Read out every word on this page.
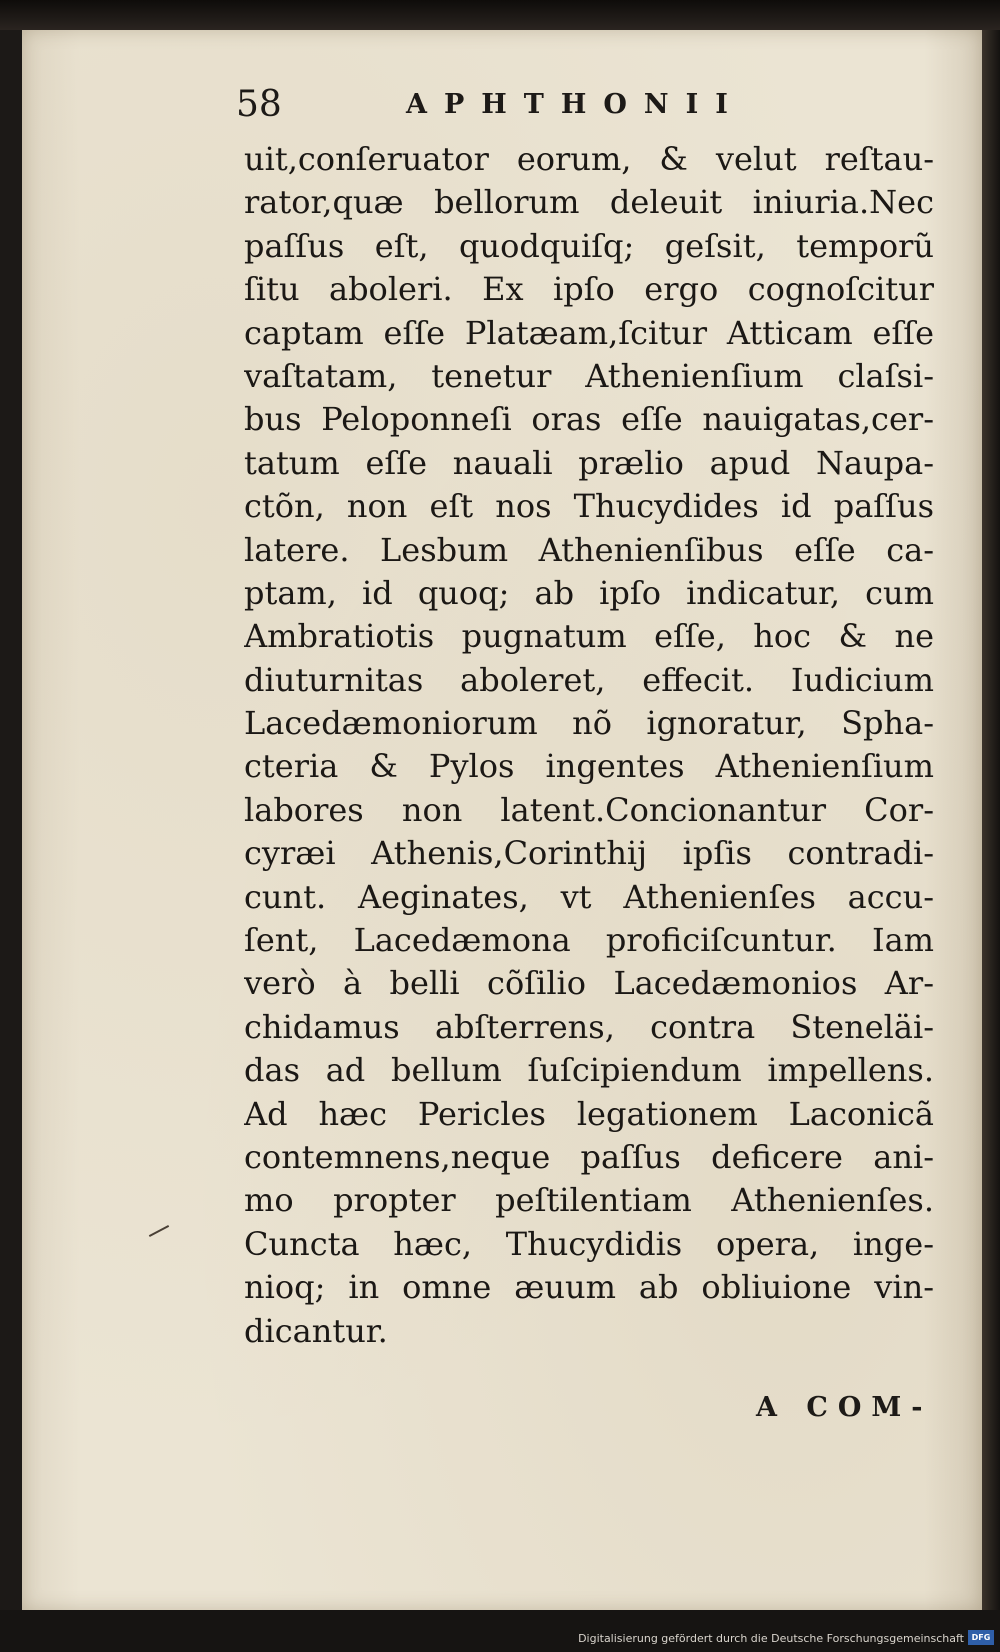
58	APHTHONII
uit,conſeruator eorum, & velut reſtau-
rator,quæ bellorum deleuit iniuria.Nec
paſſus eſt, quodquiſq; geſsit, temporũ
ſitu aboleri. Ex ipſo ergo cognoſcitur
captam eſſe Platæam,ſcitur Atticam eſſe
vaſtatam, tenetur Athenienſium claſsi-
bus Peloponneſi oras eſſe nauigatas,cer-
tatum eſſe nauali prælio apud Naupa-
ctõn, non eſt nos Thucydides id paſſus
latere. Lesbum Athenienſibus eſſe ca-
ptam, id quoq; ab ipſo indicatur, cum
Ambratiotis pugnatum eſſe, hoc & ne
diuturnitas aboleret, effecit. Iudicium
Lacedæmoniorum nõ ignoratur, Spha-
cteria & Pylos ingentes Athenienſium
labores non latent.Concionantur Cor-
cyræi Athenis,Corinthij ipſis contradi-
cunt. Aeginates, vt Athenienſes accu-
ſent, Lacedæmona proficiſcuntur. Iam
verò à belli cõſilio Lacedæmonios Ar-
chidamus abſterrens, contra Steneläi-
das ad bellum ſuſcipiendum impellens.
Ad hæc Pericles legationem Laconicã
contemnens,neque paſſus deficere ani-
mo propter peſtilentiam Athenienſes.
Cuncta hæc, Thucydidis opera, inge-
nioq; in omne æuum ab obliuione vin-
dicantur.
A COM-
Digitalisierung gefördert durch die Deutsche Forschungsgemeinschaft DFG
